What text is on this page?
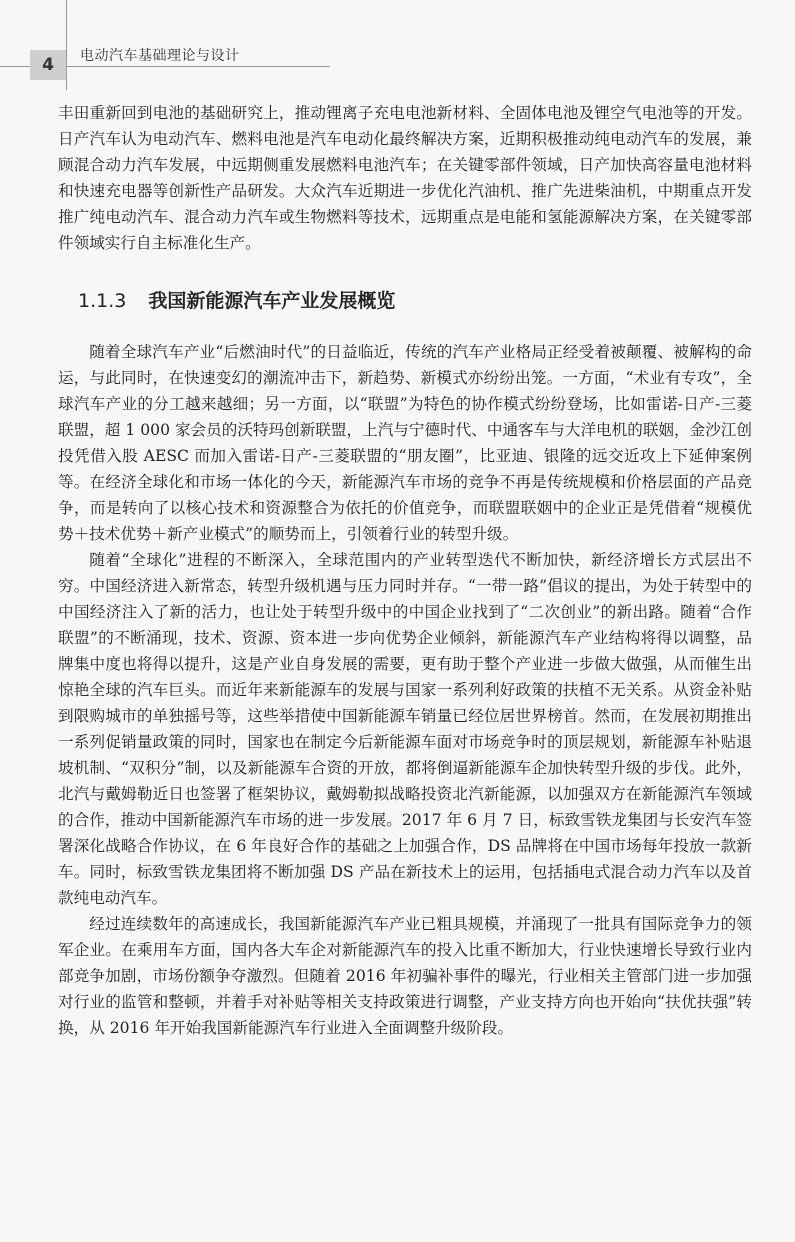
4	电动汽车基础理论与设计

丰田重新回到电池的基础研究上，推动锂离子充电电池新材料、全固体电池及锂空气电池等的开发。日产汽车认为电动汽车、燃料电池是汽车电动化最终解决方案，近期积极推动纯电动汽车的发展，兼顾混合动力汽车发展，中远期侧重发展燃料电池汽车；在关键零部件领域，日产加快高容量电池材料和快速充电器等创新性产品研发。大众汽车近期进一步优化汽油机、推广先进柴油机，中期重点开发推广纯电动汽车、混合动力汽车或生物燃料等技术，远期重点是电能和氢能源解决方案，在关键零部件领域实行自主标准化生产。

1.1.3 我国新能源汽车产业发展概览

随着全球汽车产业“后燃油时代”的日益临近，传统的汽车产业格局正经受着被颠覆、被解构的命运，与此同时，在快速变幻的潮流冲击下，新趋势、新模式亦纷纷出笼。一方面，“术业有专攻”，全球汽车产业的分工越来越细；另一方面，以“联盟”为特色的协作模式纷纷登场，比如雷诺-日产-三菱联盟，超 1 000 家会员的沃特玛创新联盟，上汽与宁德时代、中通客车与大洋电机的联姻，金沙江创投凭借入股 AESC 而加入雷诺-日产-三菱联盟的“朋友圈”，比亚迪、银隆的远交近攻上下延伸案例等。在经济全球化和市场一体化的今天，新能源汽车市场的竞争不再是传统规模和价格层面的产品竞争，而是转向了以核心技术和资源整合为依托的价值竞争，而联盟联姻中的企业正是凭借着“规模优势＋技术优势＋新产业模式”的顺势而上，引领着行业的转型升级。

随着“全球化”进程的不断深入，全球范围内的产业转型迭代不断加快，新经济增长方式层出不穷。中国经济进入新常态，转型升级机遇与压力同时并存。“一带一路”倡议的提出，为处于转型中的中国经济注入了新的活力，也让处于转型升级中的中国企业找到了“二次创业”的新出路。随着“合作联盟”的不断涌现，技术、资源、资本进一步向优势企业倾斜，新能源汽车产业结构将得以调整，品牌集中度也将得以提升，这是产业自身发展的需要，更有助于整个产业进一步做大做强，从而催生出惊艳全球的汽车巨头。而近年来新能源车的发展与国家一系列利好政策的扶植不无关系。从资金补贴到限购城市的单独摇号等，这些举措使中国新能源车销量已经位居世界榜首。然而，在发展初期推出一系列促销量政策的同时，国家也在制定今后新能源车面对市场竞争时的顶层规划，新能源车补贴退坡机制、“双积分”制，以及新能源车合资的开放，都将倒逼新能源车企加快转型升级的步伐。此外，北汽与戴姆勒近日也签署了框架协议，戴姆勒拟战略投资北汽新能源，以加强双方在新能源汽车领域的合作，推动中国新能源汽车市场的进一步发展。2017 年 6 月 7 日，标致雪铁龙集团与长安汽车签署深化战略合作协议，在 6 年良好合作的基础之上加强合作，DS 品牌将在中国市场每年投放一款新车。同时，标致雪铁龙集团将不断加强 DS 产品在新技术上的运用，包括插电式混合动力汽车以及首款纯电动汽车。

经过连续数年的高速成长，我国新能源汽车产业已粗具规模，并涌现了一批具有国际竞争力的领军企业。在乘用车方面，国内各大车企对新能源汽车的投入比重不断加大，行业快速增长导致行业内部竞争加剧，市场份额争夺激烈。但随着 2016 年初骗补事件的曝光，行业相关主管部门进一步加强对行业的监管和整顿，并着手对补贴等相关支持政策进行调整，产业支持方向也开始向“扶优扶强”转换，从 2016 年开始我国新能源汽车行业进入全面调整升级阶段。
